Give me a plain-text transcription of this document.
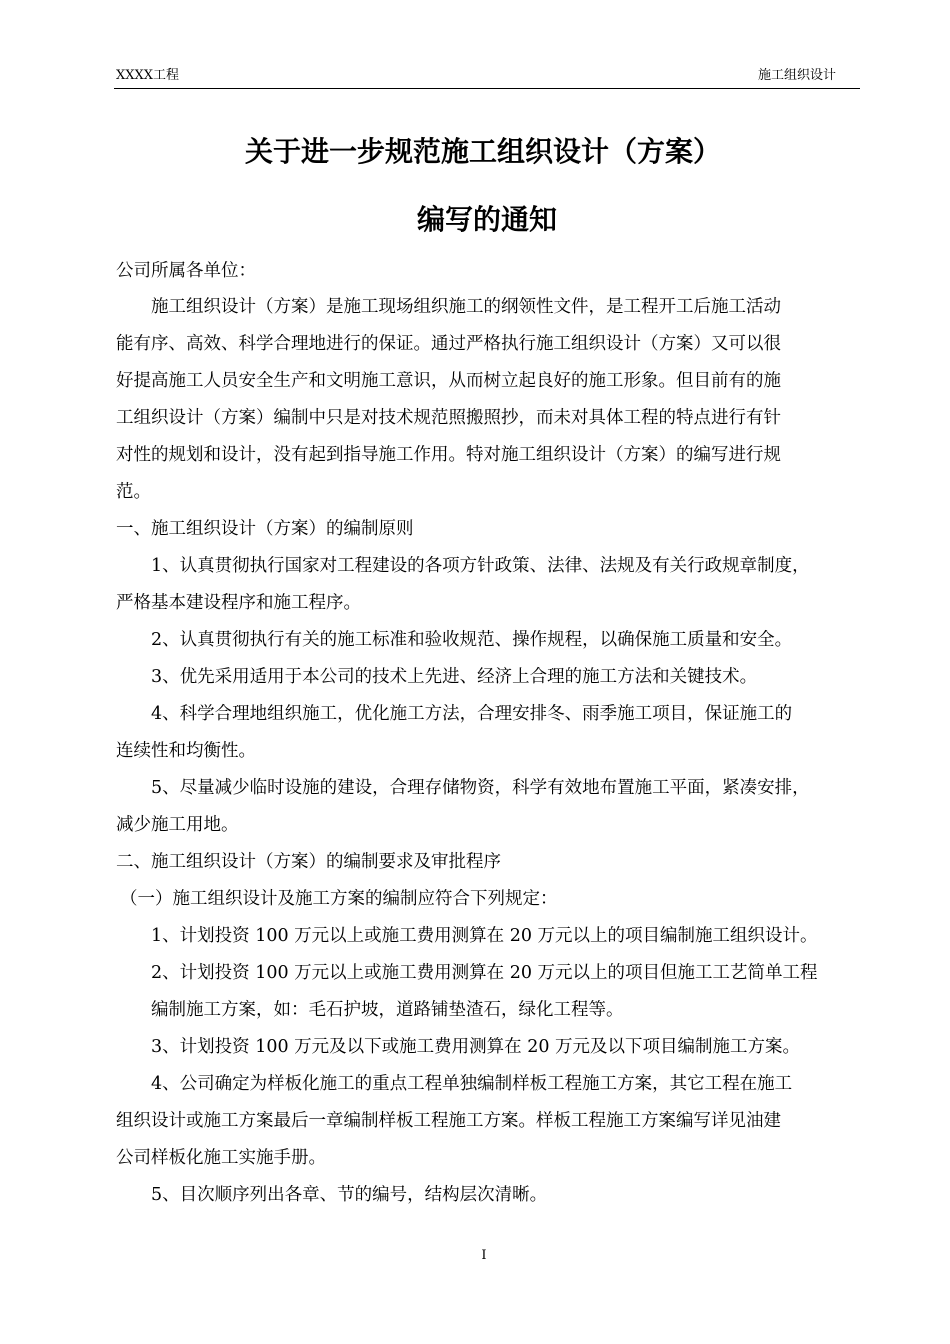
XXXX工程	施工组织设计
关于进一步规范施工组织设计（方案）
编写的通知
公司所属各单位：
施工组织设计（方案）是施工现场组织施工的纲领性文件，是工程开工后施工活动
能有序、高效、科学合理地进行的保证。通过严格执行施工组织设计（方案）又可以很
好提高施工人员安全生产和文明施工意识，从而树立起良好的施工形象。但目前有的施
工组织设计（方案）编制中只是对技术规范照搬照抄，而未对具体工程的特点进行有针
对性的规划和设计，没有起到指导施工作用。特对施工组织设计（方案）的编写进行规
范。
一、施工组织设计（方案）的编制原则
1、认真贯彻执行国家对工程建设的各项方针政策、法律、法规及有关行政规章制度，
严格基本建设程序和施工程序。
2、认真贯彻执行有关的施工标准和验收规范、操作规程，以确保施工质量和安全。
3、优先采用适用于本公司的技术上先进、经济上合理的施工方法和关键技术。
4、科学合理地组织施工，优化施工方法，合理安排冬、雨季施工项目，保证施工的
连续性和均衡性。
5、尽量减少临时设施的建设，合理存储物资，科学有效地布置施工平面，紧凑安排，
减少施工用地。
二、施工组织设计（方案）的编制要求及审批程序
（一）施工组织设计及施工方案的编制应符合下列规定：
1、计划投资 100 万元以上或施工费用测算在 20 万元以上的项目编制施工组织设计。
2、计划投资 100 万元以上或施工费用测算在 20 万元以上的项目但施工工艺简单工程
编制施工方案，如：毛石护坡，道路铺垫渣石，绿化工程等。
3、计划投资 100 万元及以下或施工费用测算在 20 万元及以下项目编制施工方案。
4、公司确定为样板化施工的重点工程单独编制样板工程施工方案，其它工程在施工
组织设计或施工方案最后一章编制样板工程施工方案。样板工程施工方案编写详见油建
公司样板化施工实施手册。
5、目次顺序列出各章、节的编号，结构层次清晰。
I
